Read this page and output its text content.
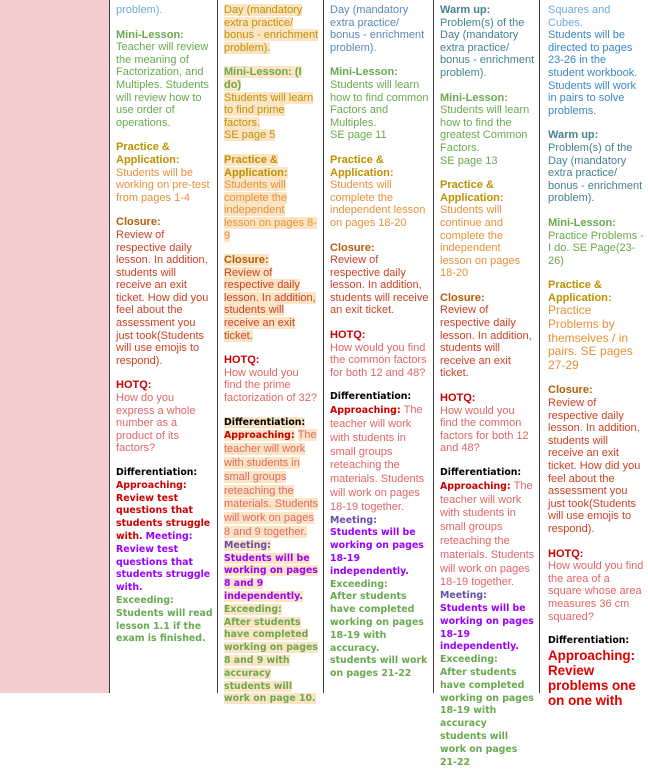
problem).
Mini-Lesson:
Teacher will review the meaning of Factorization, and Multiples. Students will review how to use order of operations.
Practice & Application:
Students will be working on pre-test from pages 1-4
Closure:
Review of respective daily lesson. In addition, students will receive an exit ticket. How did you feel about the assessment you just took(Students will use emojis to respond).
HOTQ:
How do you express a whole number as a product of its factors?
Differentiation:
Approaching: Review test questions that students struggle with. Meeting: Review test questions that students struggle with.
Exceeding:
Students will read lesson 1.1 if the exam is finished.
Day (mandatory extra practice/ bonus - enrichment problem).
Mini-Lesson: (I do)
Students will learn to find prime factors.
SE page 5
Practice & Application:
Students will complete the independent lesson on pages 8-9
Closure:
Review of respective daily lesson. In addition, students will receive an exit ticket.
HOTQ:
How would you find the prime factorization of 32?
Differentiation:
Approaching: The teacher will work with students in small groups reteaching the materials. Students will work on pages 8 and 9 together.
Meeting:
Students will be working on pages 8 and 9 independently.
Exceeding:
After students have completed working on pages 8 and 9 with accuracy students will work on page 10.
Day (mandatory extra practice/ bonus - enrichment problem).
Mini-Lesson:
Students will learn how to find common Factors and Multiples.
SE page 11
Practice & Application:
Students will complete the independent lesson on pages 18-20
Closure:
Review of respective daily lesson. In addition, students will receive an exit ticket.
HOTQ:
How would you find the common factors for both 12 and 48?
Differentiation:
Approaching: The teacher will work with students in small groups reteaching the materials. Students will work on pages 18-19 together.
Meeting:
Students will be working on pages 18-19 independently.
Exceeding:
After students have completed working on pages 18-19 with accuracy. students will work on pages 21-22
Warm up:
Problem(s) of the Day (mandatory extra practice/ bonus - enrichment problem).
Mini-Lesson:
Students will learn how to find the greatest Common Factors.
SE page 13
Practice & Application:
Students will continue and complete the independent lesson on pages 18-20
Closure:
Review of respective daily lesson. In addition, students will receive an exit ticket.
HOTQ:
How would you find the common factors for both 12 and 48?
Differentiation:
Approaching: The teacher will work with students in small groups reteaching the materials. Students will work on pages 18-19 together.
Meeting:
Students will be working on pages 18-19 independently.
Exceeding:
After students have completed working on pages 18-19 with accuracy students will work on pages 21-22
Squares and Cubes.
Students will be directed to pages 23-26 in the student workbook. Students will work in pairs to solve problems.
Warm up:
Problem(s) of the Day (mandatory extra practice/ bonus - enrichment problem).
Mini-Lesson:
Practice Problems - I do. SE Page(23-26)
Practice & Application:
Practice Problems by themselves / in pairs. SE pages 27-29
Closure:
Review of respective daily lesson. In addition, students will receive an exit ticket. How did you feel about the assessment you just took(Students will use emojis to respond).
HOTQ:
How would you find the area of a square whose area measures 36 cm squared?
Differentiation:
Approaching:
Review problems one on one with
